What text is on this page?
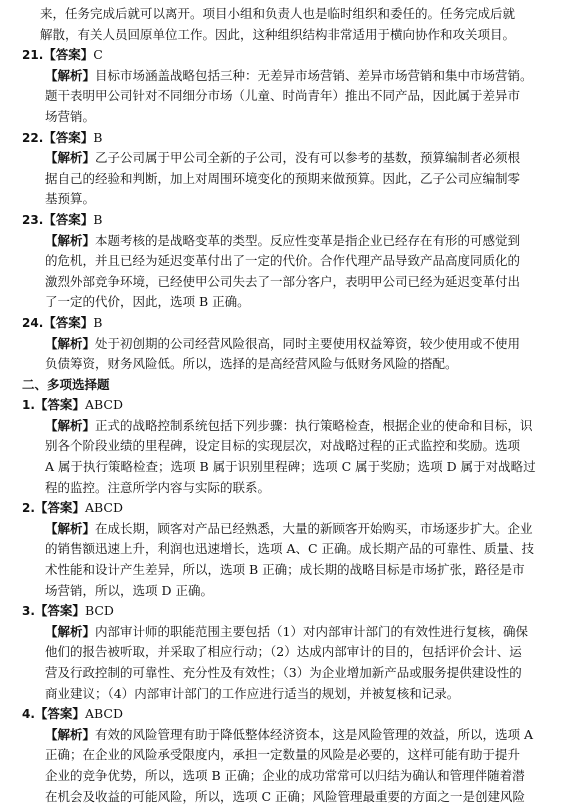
来，任务完成后就可以离开。项目小组和负责人也是临时组织和委任的。任务完成后就
解散，有关人员回原单位工作。因此，这种组织结构非常适用于横向协作和攻关项目。
21.【答案】C
【解析】目标市场涵盖战略包括三种：无差异市场营销、差异市场营销和集中市场营销。
题干表明甲公司针对不同细分市场（儿童、时尚青年）推出不同产品，因此属于差异市
场营销。
22.【答案】B
【解析】乙子公司属于甲公司全新的子公司，没有可以参考的基数，预算编制者必须根
据自己的经验和判断，加上对周围环境变化的预期来做预算。因此，乙子公司应编制零
基预算。
23.【答案】B
【解析】本题考核的是战略变革的类型。反应性变革是指企业已经存在有形的可感觉到
的危机，并且已经为延迟变革付出了一定的代价。合作代理产品导致产品高度同质化的
激烈外部竞争环境，已经使甲公司失去了一部分客户，表明甲公司已经为延迟变革付出
了一定的代价，因此，选项 B 正确。
24.【答案】B
【解析】处于初创期的公司经营风险很高，同时主要使用权益筹资，较少使用或不使用
负债筹资，财务风险低。所以，选择的是高经营风险与低财务风险的搭配。
二、多项选择题
1.【答案】ABCD
【解析】正式的战略控制系统包括下列步骤：执行策略检查，根据企业的使命和目标，识
别各个阶段业绩的里程碑，设定目标的实现层次，对战略过程的正式监控和奖励。选项
A 属于执行策略检查；选项 B 属于识别里程碑；选项 C 属于奖励；选项 D 属于对战略过
程的监控。注意所学内容与实际的联系。
2.【答案】ABCD
【解析】在成长期，顾客对产品已经熟悉，大量的新顾客开始购买，市场逐步扩大。企业
的销售额迅速上升，利润也迅速增长，选项 A、C 正确。成长期产品的可靠性、质量、技
术性能和设计产生差异，所以，选项 B 正确；成长期的战略目标是市场扩张，路径是市
场营销，所以，选项 D 正确。
3.【答案】BCD
【解析】内部审计师的职能范围主要包括（1）对内部审计部门的有效性进行复核，确保
他们的报告被听取，并采取了相应行动；（2）达成内部审计的目的，包括评价会计、运
营及行政控制的可靠性、充分性及有效性；（3）为企业增加新产品或服务提供建设性的
商业建议；（4）内部审计部门的工作应进行适当的规划，并被复核和记录。
4.【答案】ABCD
【解析】有效的风险管理有助于降低整体经济资本，这是风险管理的效益，所以，选项 A
正确；在企业的风险承受限度内，承担一定数量的风险是必要的，这样可能有助于提升
企业的竞争优势，所以，选项 B 正确；企业的成功常常可以归结为确认和管理伴随着潜
在机会及收益的可能风险，所以，选项 C 正确；风险管理最重要的方面之一是创建风险
